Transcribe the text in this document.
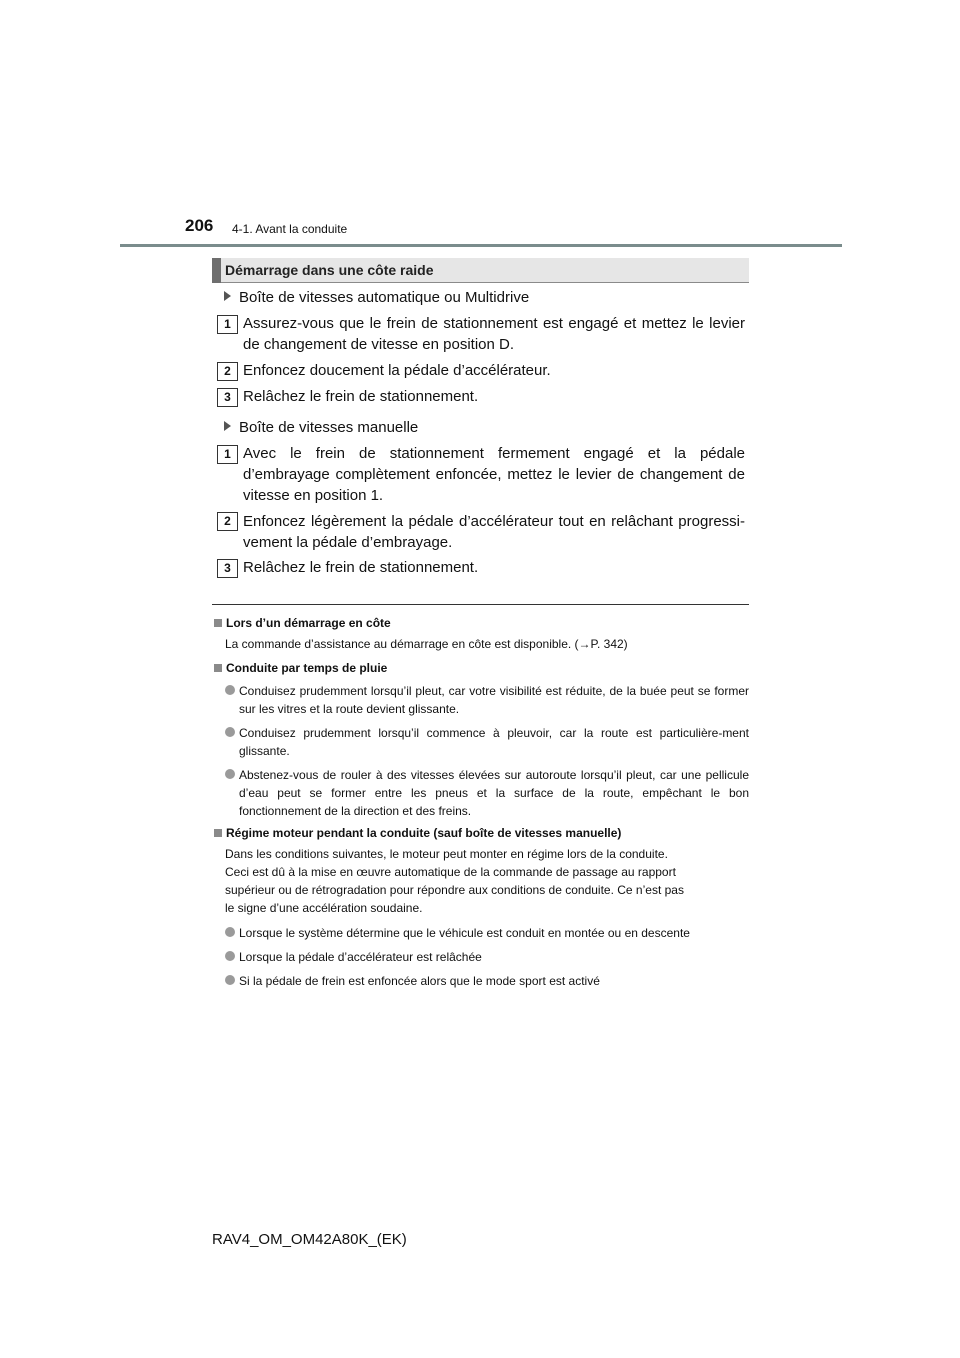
206 4-1. Avant la conduite
Démarrage dans une côte raide
Boîte de vitesses automatique ou Multidrive
1 Assurez-vous que le frein de stationnement est engagé et mettez le levier de changement de vitesse en position D.
2 Enfoncez doucement la pédale d’accélérateur.
3 Relâchez le frein de stationnement.
Boîte de vitesses manuelle
1 Avec le frein de stationnement fermement engagé et la pédale d’embrayage complètement enfoncée, mettez le levier de changement de vitesse en position 1.
2 Enfoncez légèrement la pédale d’accélérateur tout en relâchant progressi-vement la pédale d’embrayage.
3 Relâchez le frein de stationnement.
Lors d’un démarrage en côte
La commande d’assistance au démarrage en côte est disponible. (→P. 342)
Conduite par temps de pluie
Conduisez prudemment lorsqu’il pleut, car votre visibilité est réduite, de la buée peut se former sur les vitres et la route devient glissante.
Conduisez prudemment lorsqu’il commence à pleuvoir, car la route est particulière-ment glissante.
Abstenez-vous de rouler à des vitesses élevées sur autoroute lorsqu’il pleut, car une pellicule d’eau peut se former entre les pneus et la surface de la route, empêchant le bon fonctionnement de la direction et des freins.
Régime moteur pendant la conduite (sauf boîte de vitesses manuelle)
Dans les conditions suivantes, le moteur peut monter en régime lors de la conduite.
Ceci est dû à la mise en œuvre automatique de la commande de passage au rapport
supérieur ou de rétrogradation pour répondre aux conditions de conduite. Ce n’est pas
le signe d’une accélération soudaine.
Lorsque le système détermine que le véhicule est conduit en montée ou en descente
Lorsque la pédale d’accélérateur est relâchée
Si la pédale de frein est enfoncée alors que le mode sport est activé
RAV4_OM_OM42A80K_(EK)
